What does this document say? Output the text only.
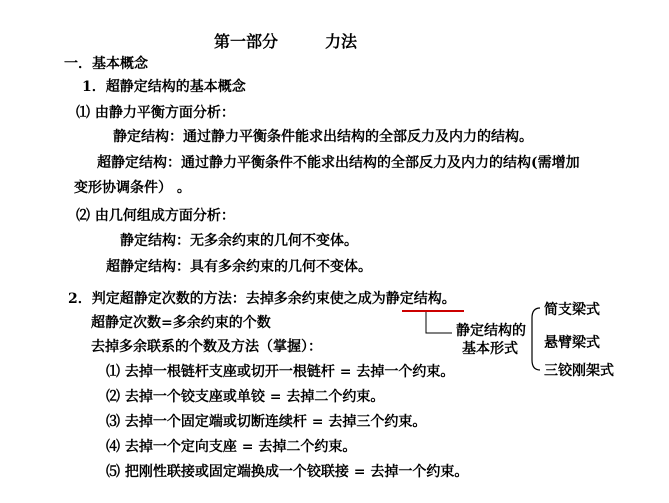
第一部分	力法
一．基本概念
1．超静定结构的基本概念
⑴ 由静力平衡方面分析：
静定结构：通过静力平衡条件能求出结构的全部反力及内力的结构。
超静定结构：通过静力平衡条件不能求出结构的全部反力及内力的结构(需增加
变形协调条件） 。
⑵ 由几何组成方面分析：
静定结构：无多余约束的几何不变体。
超静定结构：具有多余约束的几何不变体。
2．判定超静定次数的方法：去掉多余约束使之成为静定结构。
超静定次数=多余约束的个数
去掉多余联系的个数及方法（掌握）：
⑴ 去掉一根链杆支座或切开一根链杆 = 去掉一个约束。
⑵ 去掉一个铰支座或单铰 = 去掉二个约束。
⑶ 去掉一个固定端或切断连续杆 = 去掉三个约束。
⑷ 去掉一个定向支座 = 去掉二个约束。
⑸ 把刚性联接或固定端换成一个铰联接 = 去掉一个约束。
静定结构的
基本形式
简支梁式
悬臂梁式
三铰刚架式
